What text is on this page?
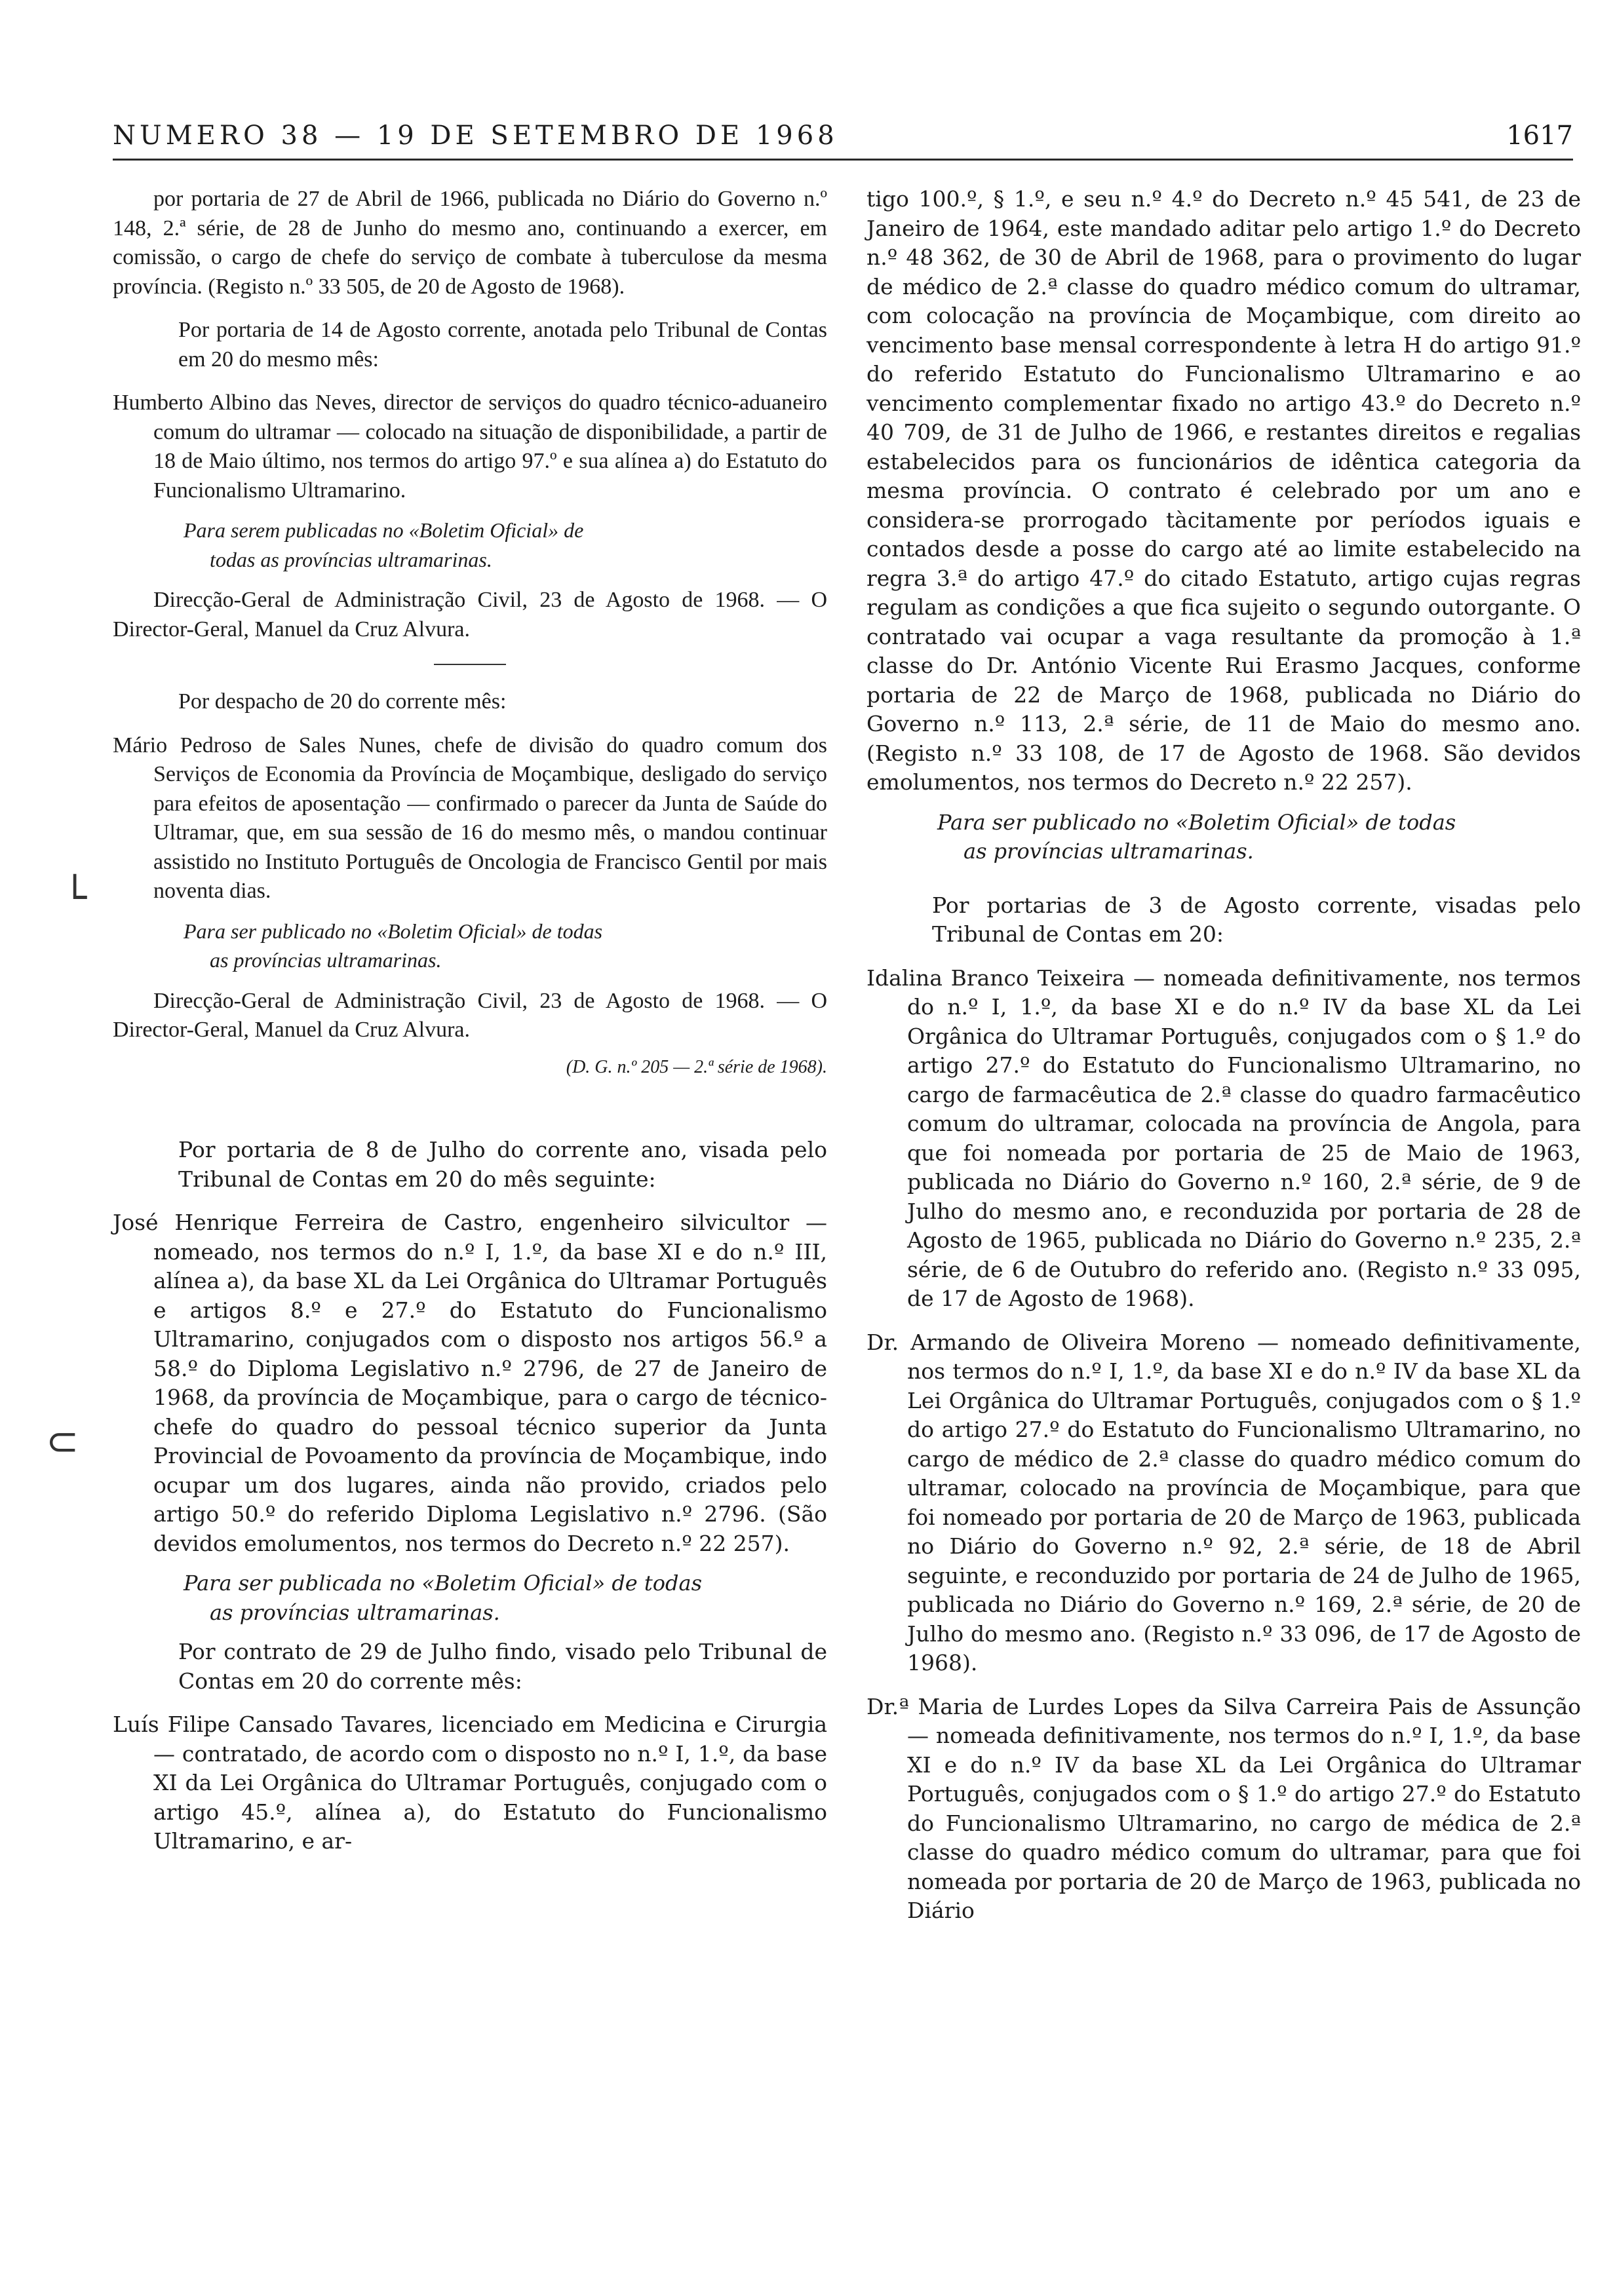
NUMERO 38 — 19 DE SETEMBRO DE 1968	1617
└
⊂

por portaria de 27 de Abril de 1966, publicada no Diário do Governo n.º 148, 2.ª série, de 28 de Junho do mesmo ano, continuando a exercer, em comissão, o cargo de chefe do serviço de combate à tuberculose da mesma província. (Registo n.º 33 505, de 20 de Agosto de 1968).

Por portaria de 14 de Agosto corrente, anotada pelo Tribunal de Contas em 20 do mesmo mês:

Humberto Albino das Neves, director de serviços do quadro técnico-aduaneiro comum do ultramar — colocado na situação de disponibilidade, a partir de 18 de Maio último, nos termos do artigo 97.º e sua alínea a) do Estatuto do Funcionalismo Ultramarino.

Para serem publicadas no «Boletim Oficial» de
todas as províncias ultramarinas.

Direcção-Geral de Administração Civil, 23 de Agosto de 1968. — O Director-Geral, Manuel da Cruz Alvura.

Por despacho de 20 do corrente mês:

Mário Pedroso de Sales Nunes, chefe de divisão do quadro comum dos Serviços de Economia da Província de Moçambique, desligado do serviço para efeitos de aposentação — confirmado o parecer da Junta de Saúde do Ultramar, que, em sua sessão de 16 do mesmo mês, o mandou continuar assistido no Instituto Português de Oncologia de Francisco Gentil por mais noventa dias.

Para ser publicado no «Boletim Oficial» de todas
as províncias ultramarinas.

Direcção-Geral de Administração Civil, 23 de Agosto de 1968. — O Director-Geral, Manuel da Cruz Alvura.

(D. G. n.º 205 — 2.ª série de 1968).

Por portaria de 8 de Julho do corrente ano, visada pelo Tribunal de Contas em 20 do mês seguinte:

José Henrique Ferreira de Castro, engenheiro silvicultor — nomeado, nos termos do n.º I, 1.º, da base XI e do n.º III, alínea a), da base XL da Lei Orgânica do Ultramar Português e artigos 8.º e 27.º do Estatuto do Funcionalismo Ultramarino, conjugados com o disposto nos artigos 56.º a 58.º do Diploma Legislativo n.º 2796, de 27 de Janeiro de 1968, da província de Moçambique, para o cargo de técnico-chefe do quadro do pessoal técnico superior da Junta Provincial de Povoamento da província de Moçambique, indo ocupar um dos lugares, ainda não provido, criados pelo artigo 50.º do referido Diploma Legislativo n.º 2796. (São devidos emolumentos, nos termos do Decreto n.º 22 257).

Para ser publicada no «Boletim Oficial» de todas
as províncias ultramarinas.

Por contrato de 29 de Julho findo, visado pelo Tribunal de Contas em 20 do corrente mês:

Luís Filipe Cansado Tavares, licenciado em Medicina e Cirurgia — contratado, de acordo com o disposto no n.º I, 1.º, da base XI da Lei Orgânica do Ultramar Português, conjugado com o artigo 45.º, alínea a), do Estatuto do Funcionalismo Ultramarino, e ar-

tigo 100.º, § 1.º, e seu n.º 4.º do Decreto n.º 45 541, de 23 de Janeiro de 1964, este mandado aditar pelo artigo 1.º do Decreto n.º 48 362, de 30 de Abril de 1968, para o provimento do lugar de médico de 2.ª classe do quadro médico comum do ultramar, com colocação na província de Moçambique, com direito ao vencimento base mensal correspondente à letra H do artigo 91.º do referido Estatuto do Funcionalismo Ultramarino e ao vencimento complementar fixado no artigo 43.º do Decreto n.º 40 709, de 31 de Julho de 1966, e restantes direitos e regalias estabelecidos para os funcionários de idêntica categoria da mesma província. O contrato é celebrado por um ano e considera-se prorrogado tàcitamente por períodos iguais e contados desde a posse do cargo até ao limite estabelecido na regra 3.ª do artigo 47.º do citado Estatuto, artigo cujas regras regulam as condições a que fica sujeito o segundo outorgante. O contratado vai ocupar a vaga resultante da promoção à 1.ª classe do Dr. António Vicente Rui Erasmo Jacques, conforme portaria de 22 de Março de 1968, publicada no Diário do Governo n.º 113, 2.ª série, de 11 de Maio do mesmo ano. (Registo n.º 33 108, de 17 de Agosto de 1968. São devidos emolumentos, nos termos do Decreto n.º 22 257).

Para ser publicado no «Boletim Oficial» de todas
as províncias ultramarinas.

Por portarias de 3 de Agosto corrente, visadas pelo Tribunal de Contas em 20:

Idalina Branco Teixeira — nomeada definitivamente, nos termos do n.º I, 1.º, da base XI e do n.º IV da base XL da Lei Orgânica do Ultramar Português, conjugados com o § 1.º do artigo 27.º do Estatuto do Funcionalismo Ultramarino, no cargo de farmacêutica de 2.ª classe do quadro farmacêutico comum do ultramar, colocada na província de Angola, para que foi nomeada por portaria de 25 de Maio de 1963, publicada no Diário do Governo n.º 160, 2.ª série, de 9 de Julho do mesmo ano, e reconduzida por portaria de 28 de Agosto de 1965, publicada no Diário do Governo n.º 235, 2.ª série, de 6 de Outubro do referido ano. (Registo n.º 33 095, de 17 de Agosto de 1968).

Dr. Armando de Oliveira Moreno — nomeado definitivamente, nos termos do n.º I, 1.º, da base XI e do n.º IV da base XL da Lei Orgânica do Ultramar Português, conjugados com o § 1.º do artigo 27.º do Estatuto do Funcionalismo Ultramarino, no cargo de médico de 2.ª classe do quadro médico comum do ultramar, colocado na província de Moçambique, para que foi nomeado por portaria de 20 de Março de 1963, publicada no Diário do Governo n.º 92, 2.ª série, de 18 de Abril seguinte, e reconduzido por portaria de 24 de Julho de 1965, publicada no Diário do Governo n.º 169, 2.ª série, de 20 de Julho do mesmo ano. (Registo n.º 33 096, de 17 de Agosto de 1968).

Dr.ª Maria de Lurdes Lopes da Silva Carreira Pais de Assunção — nomeada definitivamente, nos termos do n.º I, 1.º, da base XI e do n.º IV da base XL da Lei Orgânica do Ultramar Português, conjugados com o § 1.º do artigo 27.º do Estatuto do Funcionalismo Ultramarino, no cargo de médica de 2.ª classe do quadro médico comum do ultramar, para que foi nomeada por portaria de 20 de Março de 1963, publicada no Diário
